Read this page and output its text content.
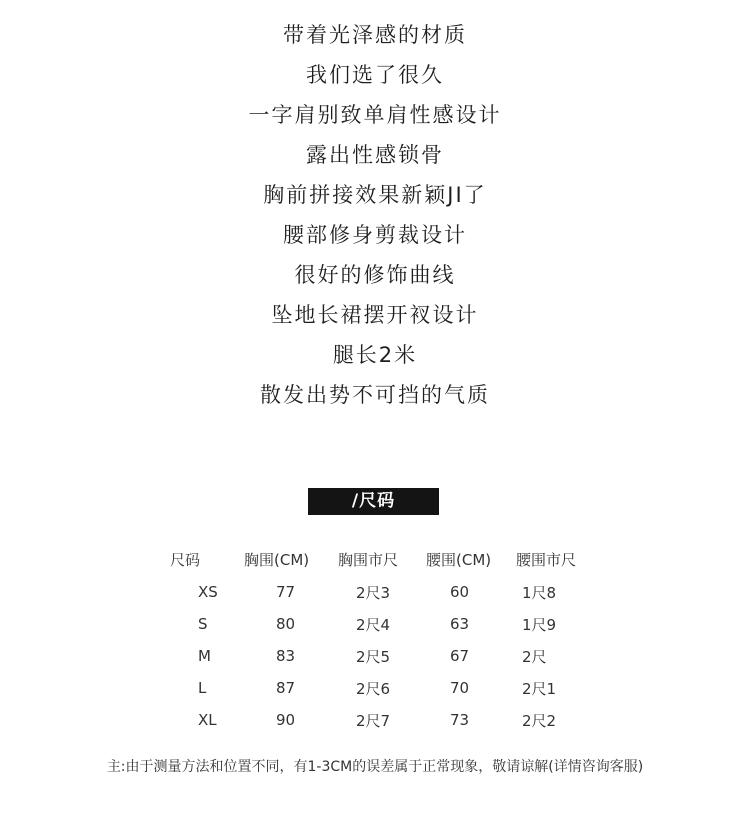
带着光泽感的材质
我们选了很久
一字肩别致单肩性感设计
露出性感锁骨
胸前拼接效果新颖JI了
腰部修身剪裁设计
很好的修饰曲线
坠地长裙摆开衩设计
腿长2米
散发出势不可挡的气质
/尺码
尺码	胸围(CM)	胸围市尺	腰围(CM)	腰围市尺
XS	77	2尺3	60	1尺8
S	80	2尺4	63	1尺9
M	83	2尺5	67	2尺
L	87	2尺6	70	2尺1
XL	90	2尺7	73	2尺2
主:由于测量方法和位置不同，有1-3CM的误差属于正常现象，敬请谅解(详情咨询客服)
